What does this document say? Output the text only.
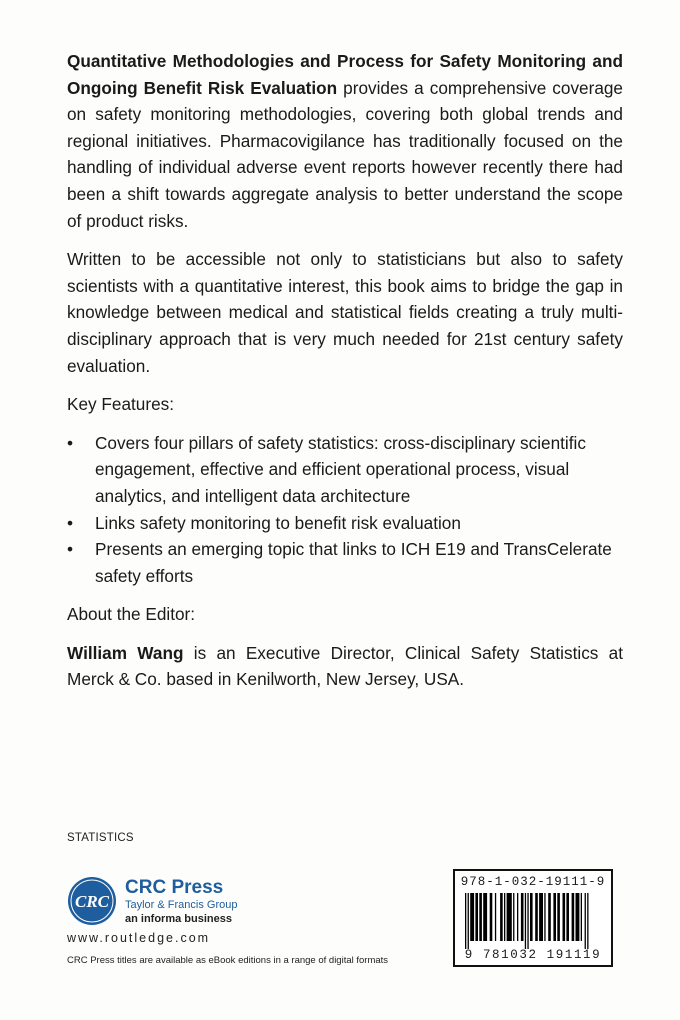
Quantitative Methodologies and Process for Safety Monitoring and Ongoing Benefit Risk Evaluation provides a comprehensive coverage on safety monitoring methodologies, covering both global trends and regional initiatives. Pharmacovigilance has traditionally focused on the handling of individual adverse event reports however recently there had been a shift towards aggregate analysis to better understand the scope of product risks.

Written to be accessible not only to statisticians but also to safety scientists with a quantitative interest, this book aims to bridge the gap in knowledge between medical and statistical fields creating a truly multi-disciplinary approach that is very much needed for 21st century safety evaluation.

Key Features:

• Covers four pillars of safety statistics: cross-disciplinary scientific engagement, effective and efficient operational process, visual analytics, and intelligent data architecture
• Links safety monitoring to benefit risk evaluation
• Presents an emerging topic that links to ICH E19 and TransCelerate safety efforts

About the Editor:

William Wang is an Executive Director, Clinical Safety Statistics at Merck & Co. based in Kenilworth, New Jersey, USA.

STATISTICS
CRC
CRC Press
Taylor & Francis Group
an informa business
www.routledge.com
CRC Press titles are available as eBook editions in a range of digital formats
978-1-032-19111-9
9 781032 191119
